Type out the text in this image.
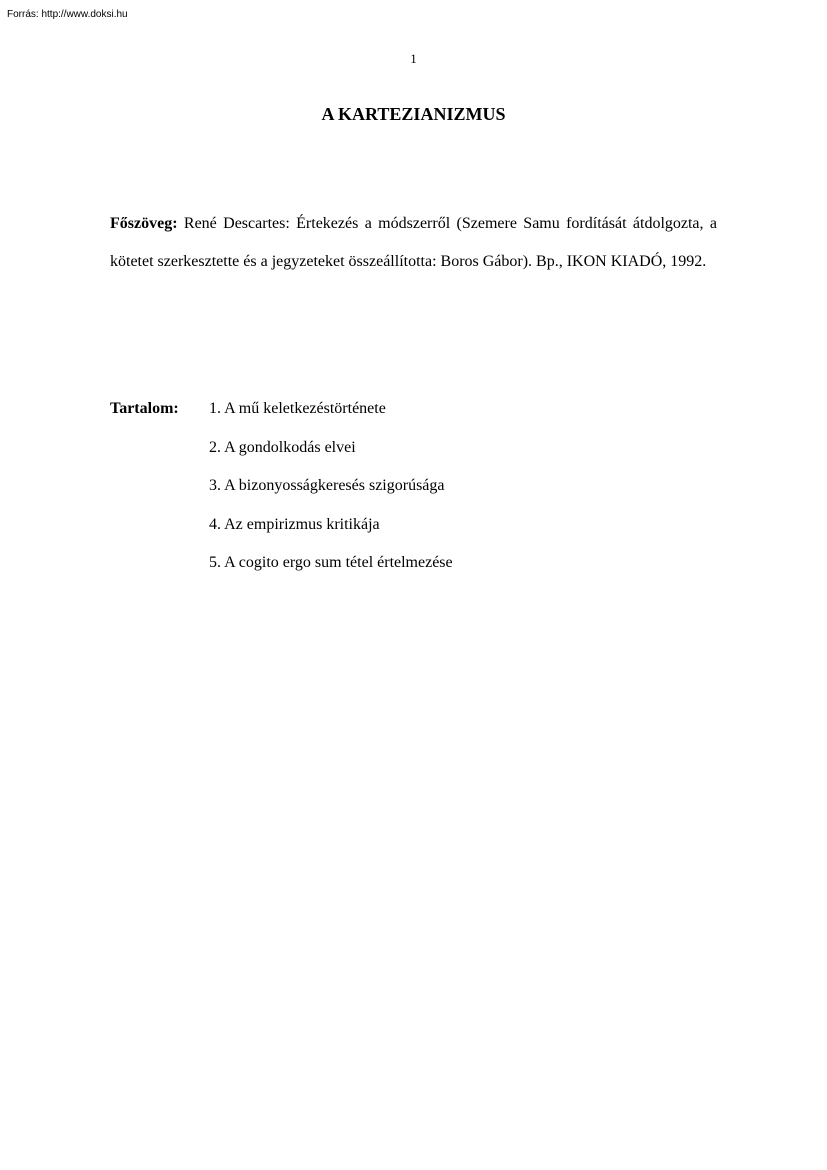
Forrás: http://www.doksi.hu
1
A KARTEZIANIZMUS

Főszöveg: René Descartes: Értekezés a módszerről (Szemere Samu fordítását átdolgozta, a kötetet szerkesztette és a jegyzeteket összeállította: Boros Gábor). Bp., IKON KIADÓ, 1992.

Tartalom: 1. A mű keletkezéstörténete
2. A gondolkodás elvei
3. A bizonyosságkeresés szigorúsága
4. Az empirizmus kritikája
5. A cogito ergo sum tétel értelmezése
